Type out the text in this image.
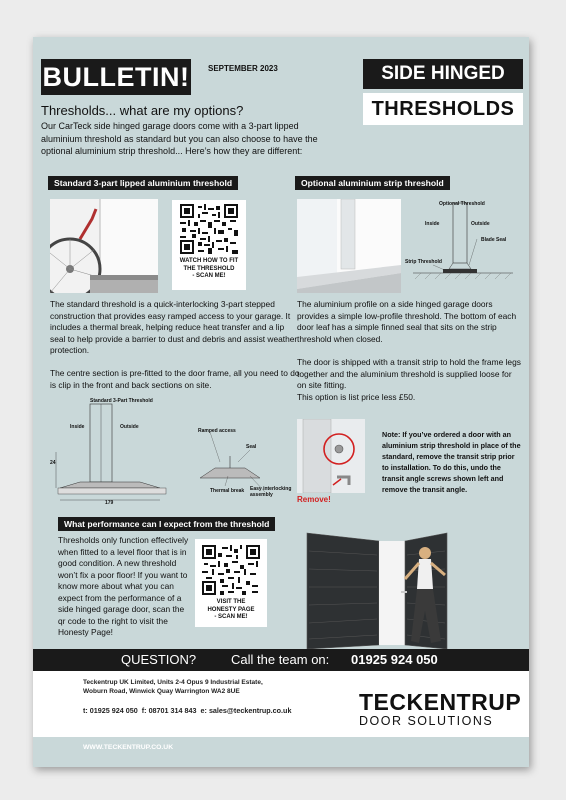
BULLETIN! SEPTEMBER 2023	SIDE HINGED
THRESHOLDS
Thresholds... what are my options?
Our CarTeck side hinged garage doors come with a 3-part lipped aluminium threshold as standard but you can also choose to have the optional aluminium strip threshold... Here’s how they are different:
Standard 3-part lipped aluminium threshold
WATCH HOW TO FIT
THE THRESHOLD
- SCAN ME!
The standard threshold is a quick-interlocking 3-part stepped construction that provides easy ramped access to your garage. It includes a thermal break, helping reduce heat transfer and a lip seal to help provide a barrier to dust and debris and assist weather protection.
The centre section is pre-fitted to the door frame, all you need to do is clip in the front and back sections on site.
Standard 3-Part Threshold
Inside	Outside
24
179
Ramped access
Seal
Thermal break Easy interlocking assembly
Optional aluminium strip threshold
Optional Threshold
Inside	Outside
Blade Seal
Strip Threshold
The aluminium profile on a side hinged garage doors provides a simple low-profile threshold. The bottom of each door leaf has a simple finned seal that sits on the strip threshold when closed.
The door is shipped with a transit strip to hold the frame legs together and the aluminium threshold is supplied loose for on site fitting.
This option is list price less £50.
Remove!
Note: If you’ve ordered a door with an aluminium strip threshold in place of the standard, remove the transit strip prior to installation. To do this, undo the transit angle screws shown left and remove the transit angle.
What performance can I expect from the threshold
Thresholds only function effectively when fitted to a level floor that is in good condition. A new threshold won’t fix a poor floor! If you want to know more about what you can expect from the performance of a side hinged garage door, scan the qr code to the right to visit the Honesty Page!
VISIT THE
HONESTY PAGE
- SCAN ME!
QUESTION?	Call the team on: 01925 924 050
Teckentrup UK Limited, Units 2-4 Opus 9 Industrial Estate,
Woburn Road, Winwick Quay Warrington WA2 8UE
t: 01925 924 050 f: 08701 314 843 e: sales@teckentrup.co.uk	TECKENTRUP
DOOR SOLUTIONS
WWW.TECKENTRUP.CO.UK
